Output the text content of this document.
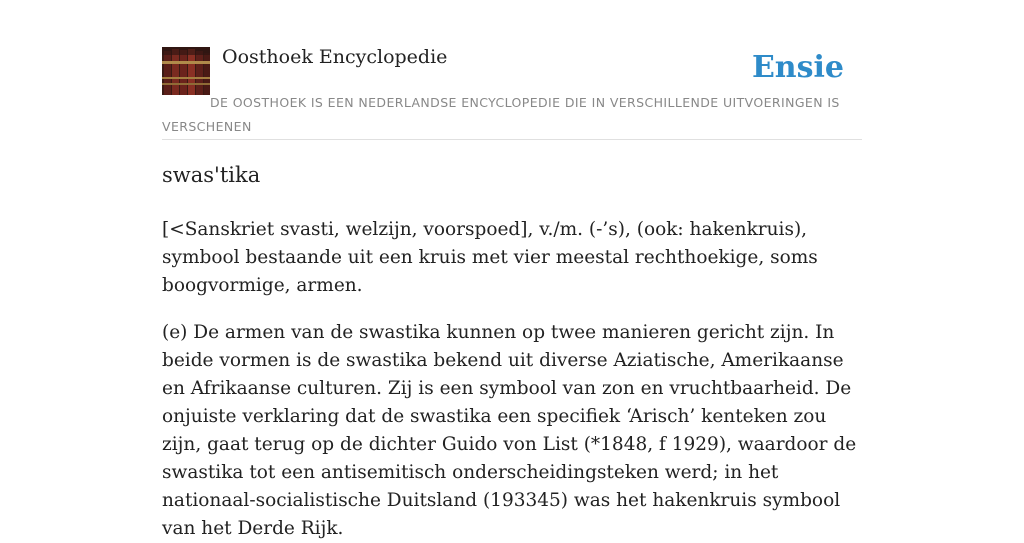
Oosthoek Encyclopedie	Ensie

DE OOSTHOEK IS EEN NEDERLANDSE ENCYCLOPEDIE DIE IN VERSCHILLENDE UITVOERINGEN IS VERSCHENEN

swas'tika

[<Sanskriet svasti, welzijn, voorspoed], v./m. (-’s), (ook: hakenkruis), symbool bestaande uit een kruis met vier meestal rechthoekige, soms boogvormige, armen.

(e) De armen van de swastika kunnen op twee manieren gericht zijn. In beide vormen is de swastika bekend uit diverse Aziatische, Amerikaanse en Afrikaanse culturen. Zij is een symbool van zon en vruchtbaarheid. De onjuiste verklaring dat de swastika een specifiek ‘Arisch’ kenteken zou zijn, gaat terug op de dichter Guido von List (*1848, f 1929), waardoor de swastika tot een antisemitisch onderscheidingsteken werd; in het nationaal-socialistische Duitsland (193345) was het hakenkruis symbool van het Derde Rijk.
